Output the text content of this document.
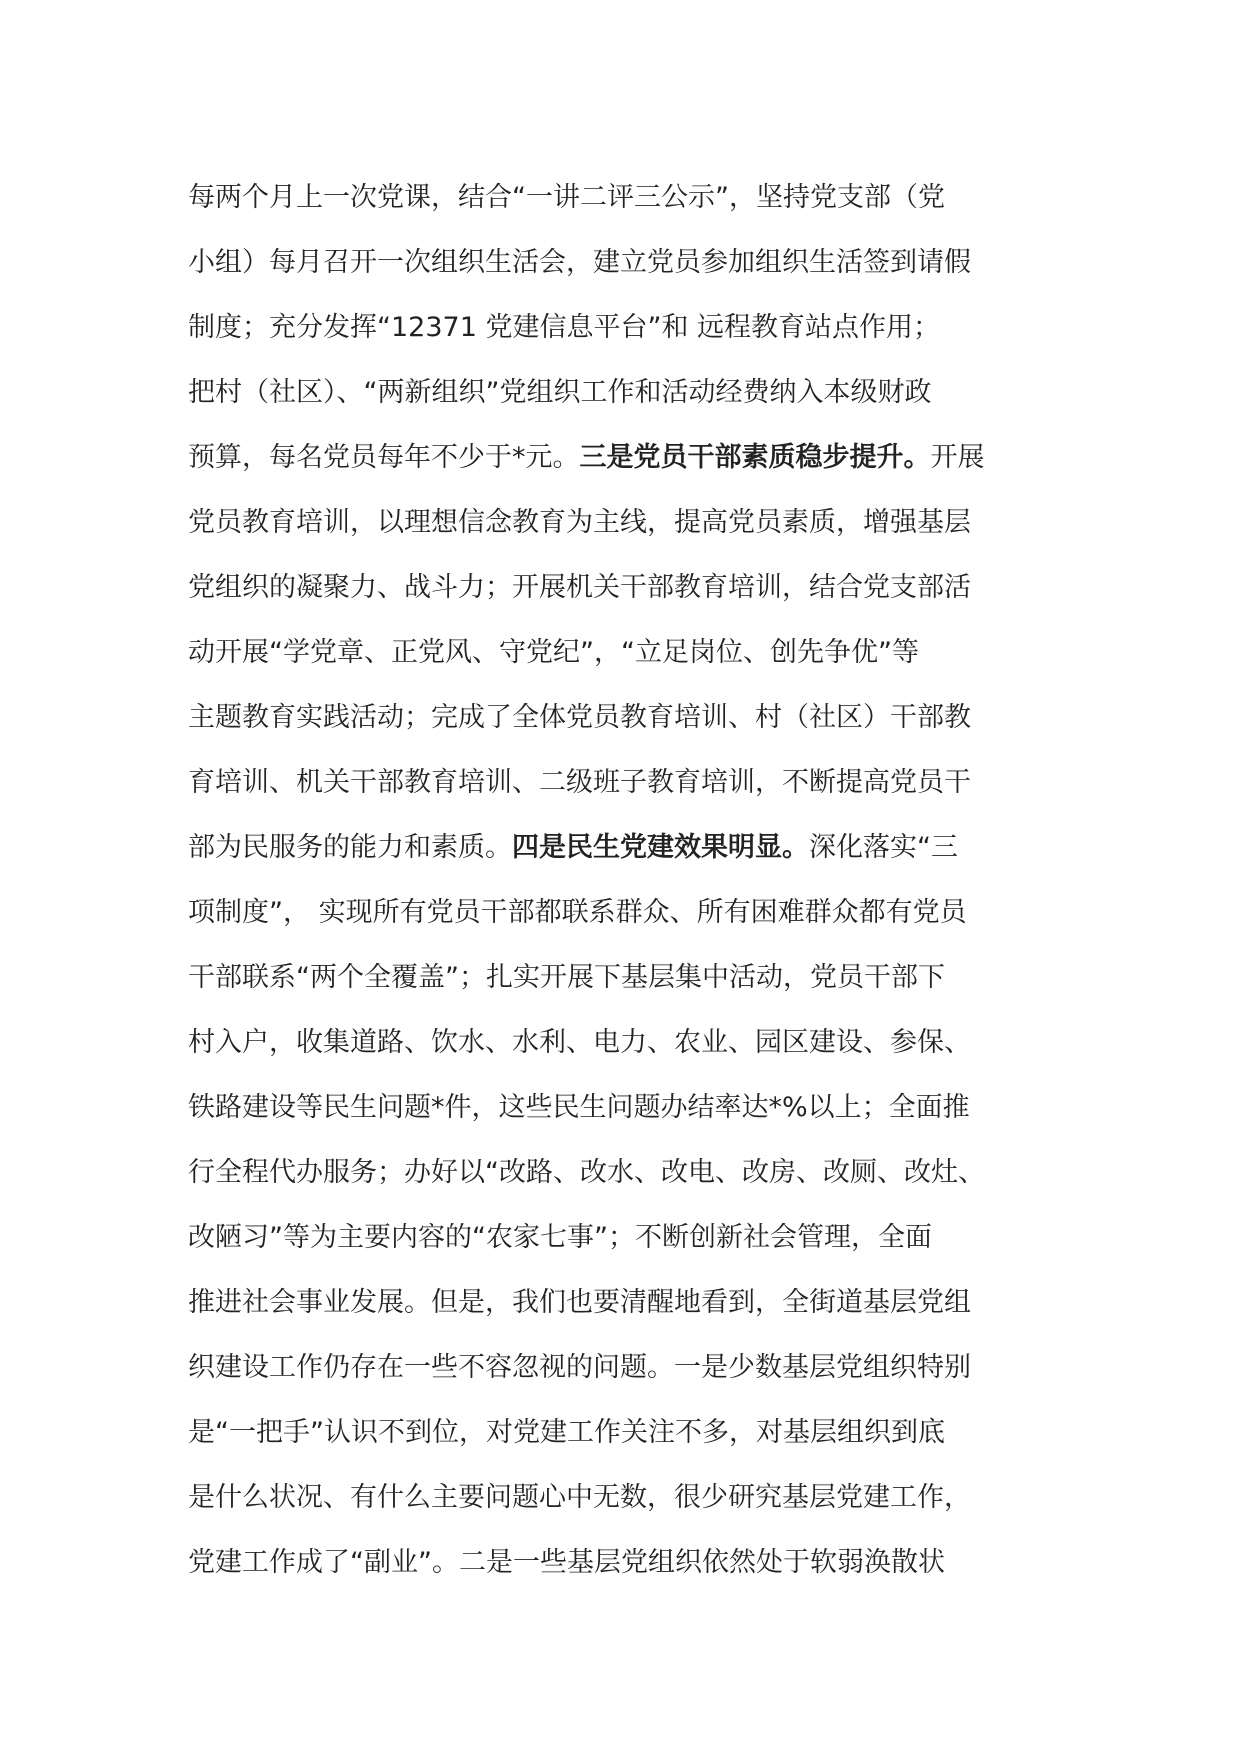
每两个月上一次党课，结合“一讲二评三公示”，坚持党支部（党
小组）每月召开一次组织生活会，建立党员参加组织生活签到请假
制度；充分发挥“12371 党建信息平台”和 远程教育站点作用；
把村（社区）、“两新组织”党组织工作和活动经费纳入本级财政
预算，每名党员每年不少于*元。三是党员干部素质稳步提升。开展
党员教育培训，以理想信念教育为主线，提高党员素质，增强基层
党组织的凝聚力、战斗力；开展机关干部教育培训，结合党支部活
动开展“学党章、正党风、守党纪”，“立足岗位、创先争优”等
主题教育实践活动；完成了全体党员教育培训、村（社区）干部教
育培训、机关干部教育培训、二级班子教育培训，不断提高党员干
部为民服务的能力和素质。四是民生党建效果明显。深化落实“三
项制度”， 实现所有党员干部都联系群众、所有困难群众都有党员
干部联系“两个全覆盖”；扎实开展下基层集中活动，党员干部下
村入户，收集道路、饮水、水利、电力、农业、园区建设、参保、
铁路建设等民生问题*件，这些民生问题办结率达*%以上；全面推
行全程代办服务；办好以“改路、改水、改电、改房、改厕、改灶、
改陋习”等为主要内容的“农家七事”；不断创新社会管理，全面
推进社会事业发展。但是，我们也要清醒地看到，全街道基层党组
织建设工作仍存在一些不容忽视的问题。一是少数基层党组织特别
是“一把手”认识不到位，对党建工作关注不多，对基层组织到底
是什么状况、有什么主要问题心中无数，很少研究基层党建工作，
党建工作成了“副业”。二是一些基层党组织依然处于软弱涣散状
